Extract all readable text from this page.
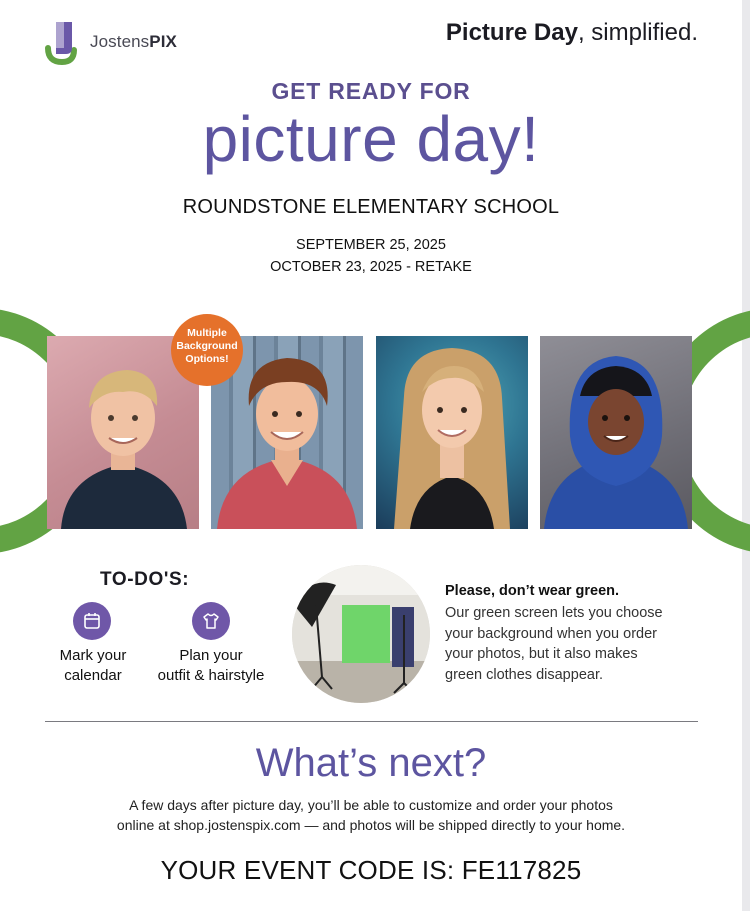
JostensPIX	Picture Day, simplified.
GET READY FOR
picture day!
ROUNDSTONE ELEMENTARY SCHOOL
SEPTEMBER 25, 2025
OCTOBER 23, 2025 - RETAKE
Multiple
Background
Options!
TO-DO'S:
Mark your
calendar
Plan your
outfit & hairstyle
Please, don’t wear green.
Our green screen lets you choose
your background when you order
your photos, but it also makes
green clothes disappear.
What’s next?
A few days after picture day, you’ll be able to customize and order your photos
online at shop.jostenspix.com — and photos will be shipped directly to your home.
YOUR EVENT CODE IS: FE117825
